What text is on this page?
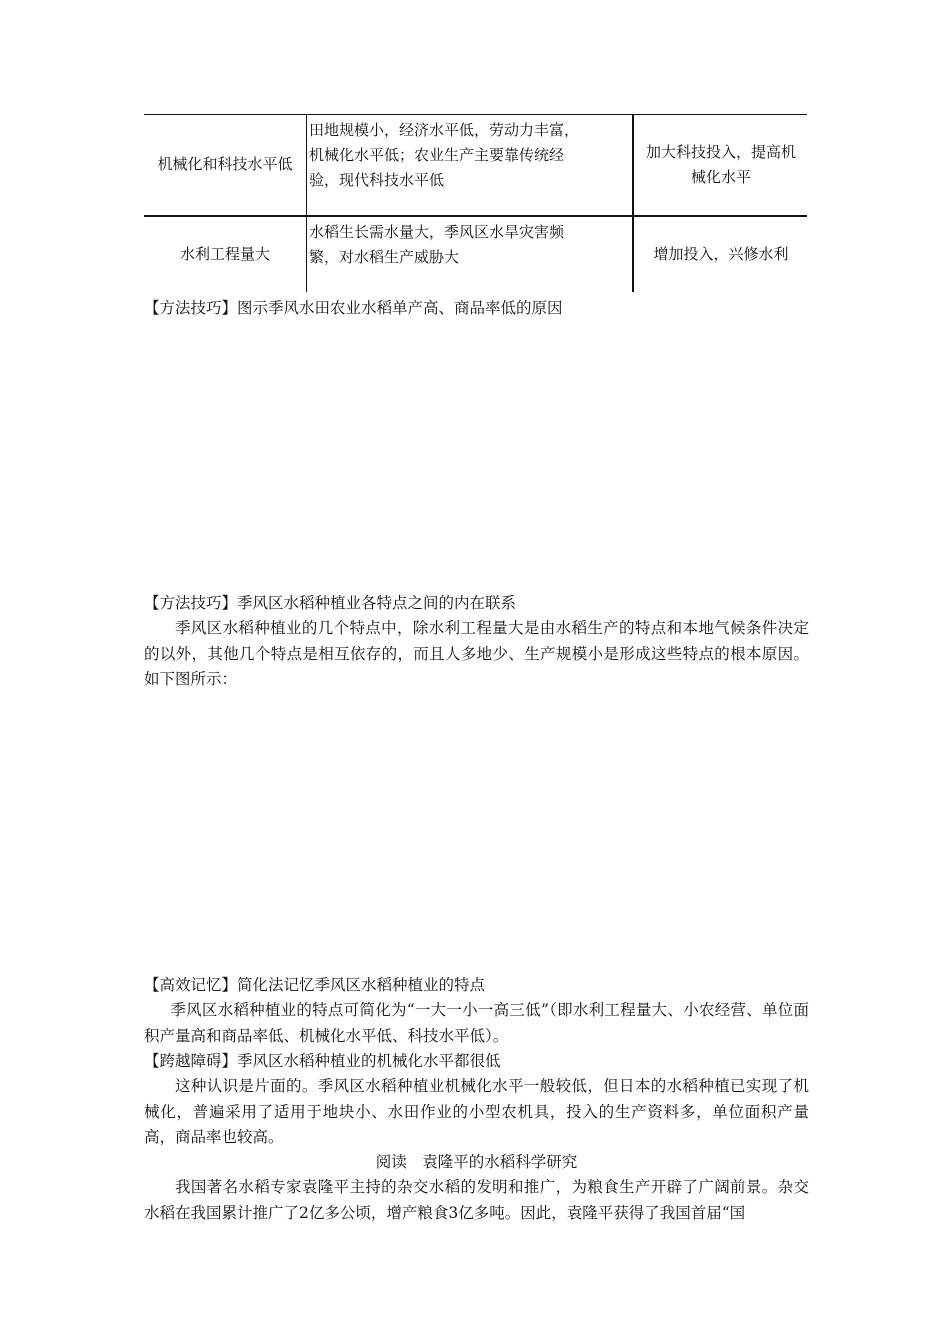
机械化和科技水平低
田地规模小，经济水平低，劳动力丰富，机械化水平低；农业生产主要靠传统经验，现代科技水平低
加大科技投入，提高机械化水平
水利工程量大
水稻生长需水量大，季风区水旱灾害频繁，对水稻生产威胁大	增加投入，兴修水利
【方法技巧】图示季风水田农业水稻单产高、商品率低的原因
【方法技巧】季风区水稻种植业各特点之间的内在联系
季风区水稻种植业的几个特点中，除水利工程量大是由水稻生产的特点和本地气候条件决定的以外，其他几个特点是相互依存的，而且人多地少、生产规模小是形成这些特点的根本原因。如下图所示：
【高效记忆】简化法记忆季风区水稻种植业的特点
季风区水稻种植业的特点可简化为“一大一小一高三低”（即水利工程量大、小农经营、单位面积产量高和商品率低、机械化水平低、科技水平低）。
【跨越障碍】季风区水稻种植业的机械化水平都很低
这种认识是片面的。季风区水稻种植业机械化水平一般较低，但日本的水稻种植已实现了机械化，普遍采用了适用于地块小、水田作业的小型农机具，投入的生产资料多，单位面积产量高，商品率也较高。
阅读　袁隆平的水稻科学研究
我国著名水稻专家袁隆平主持的杂交水稻的发明和推广，为粮食生产开辟了广阔前景。杂交水稻在我国累计推广了2亿多公顷，增产粮食3亿多吨。因此，袁隆平获得了我国首届“国
